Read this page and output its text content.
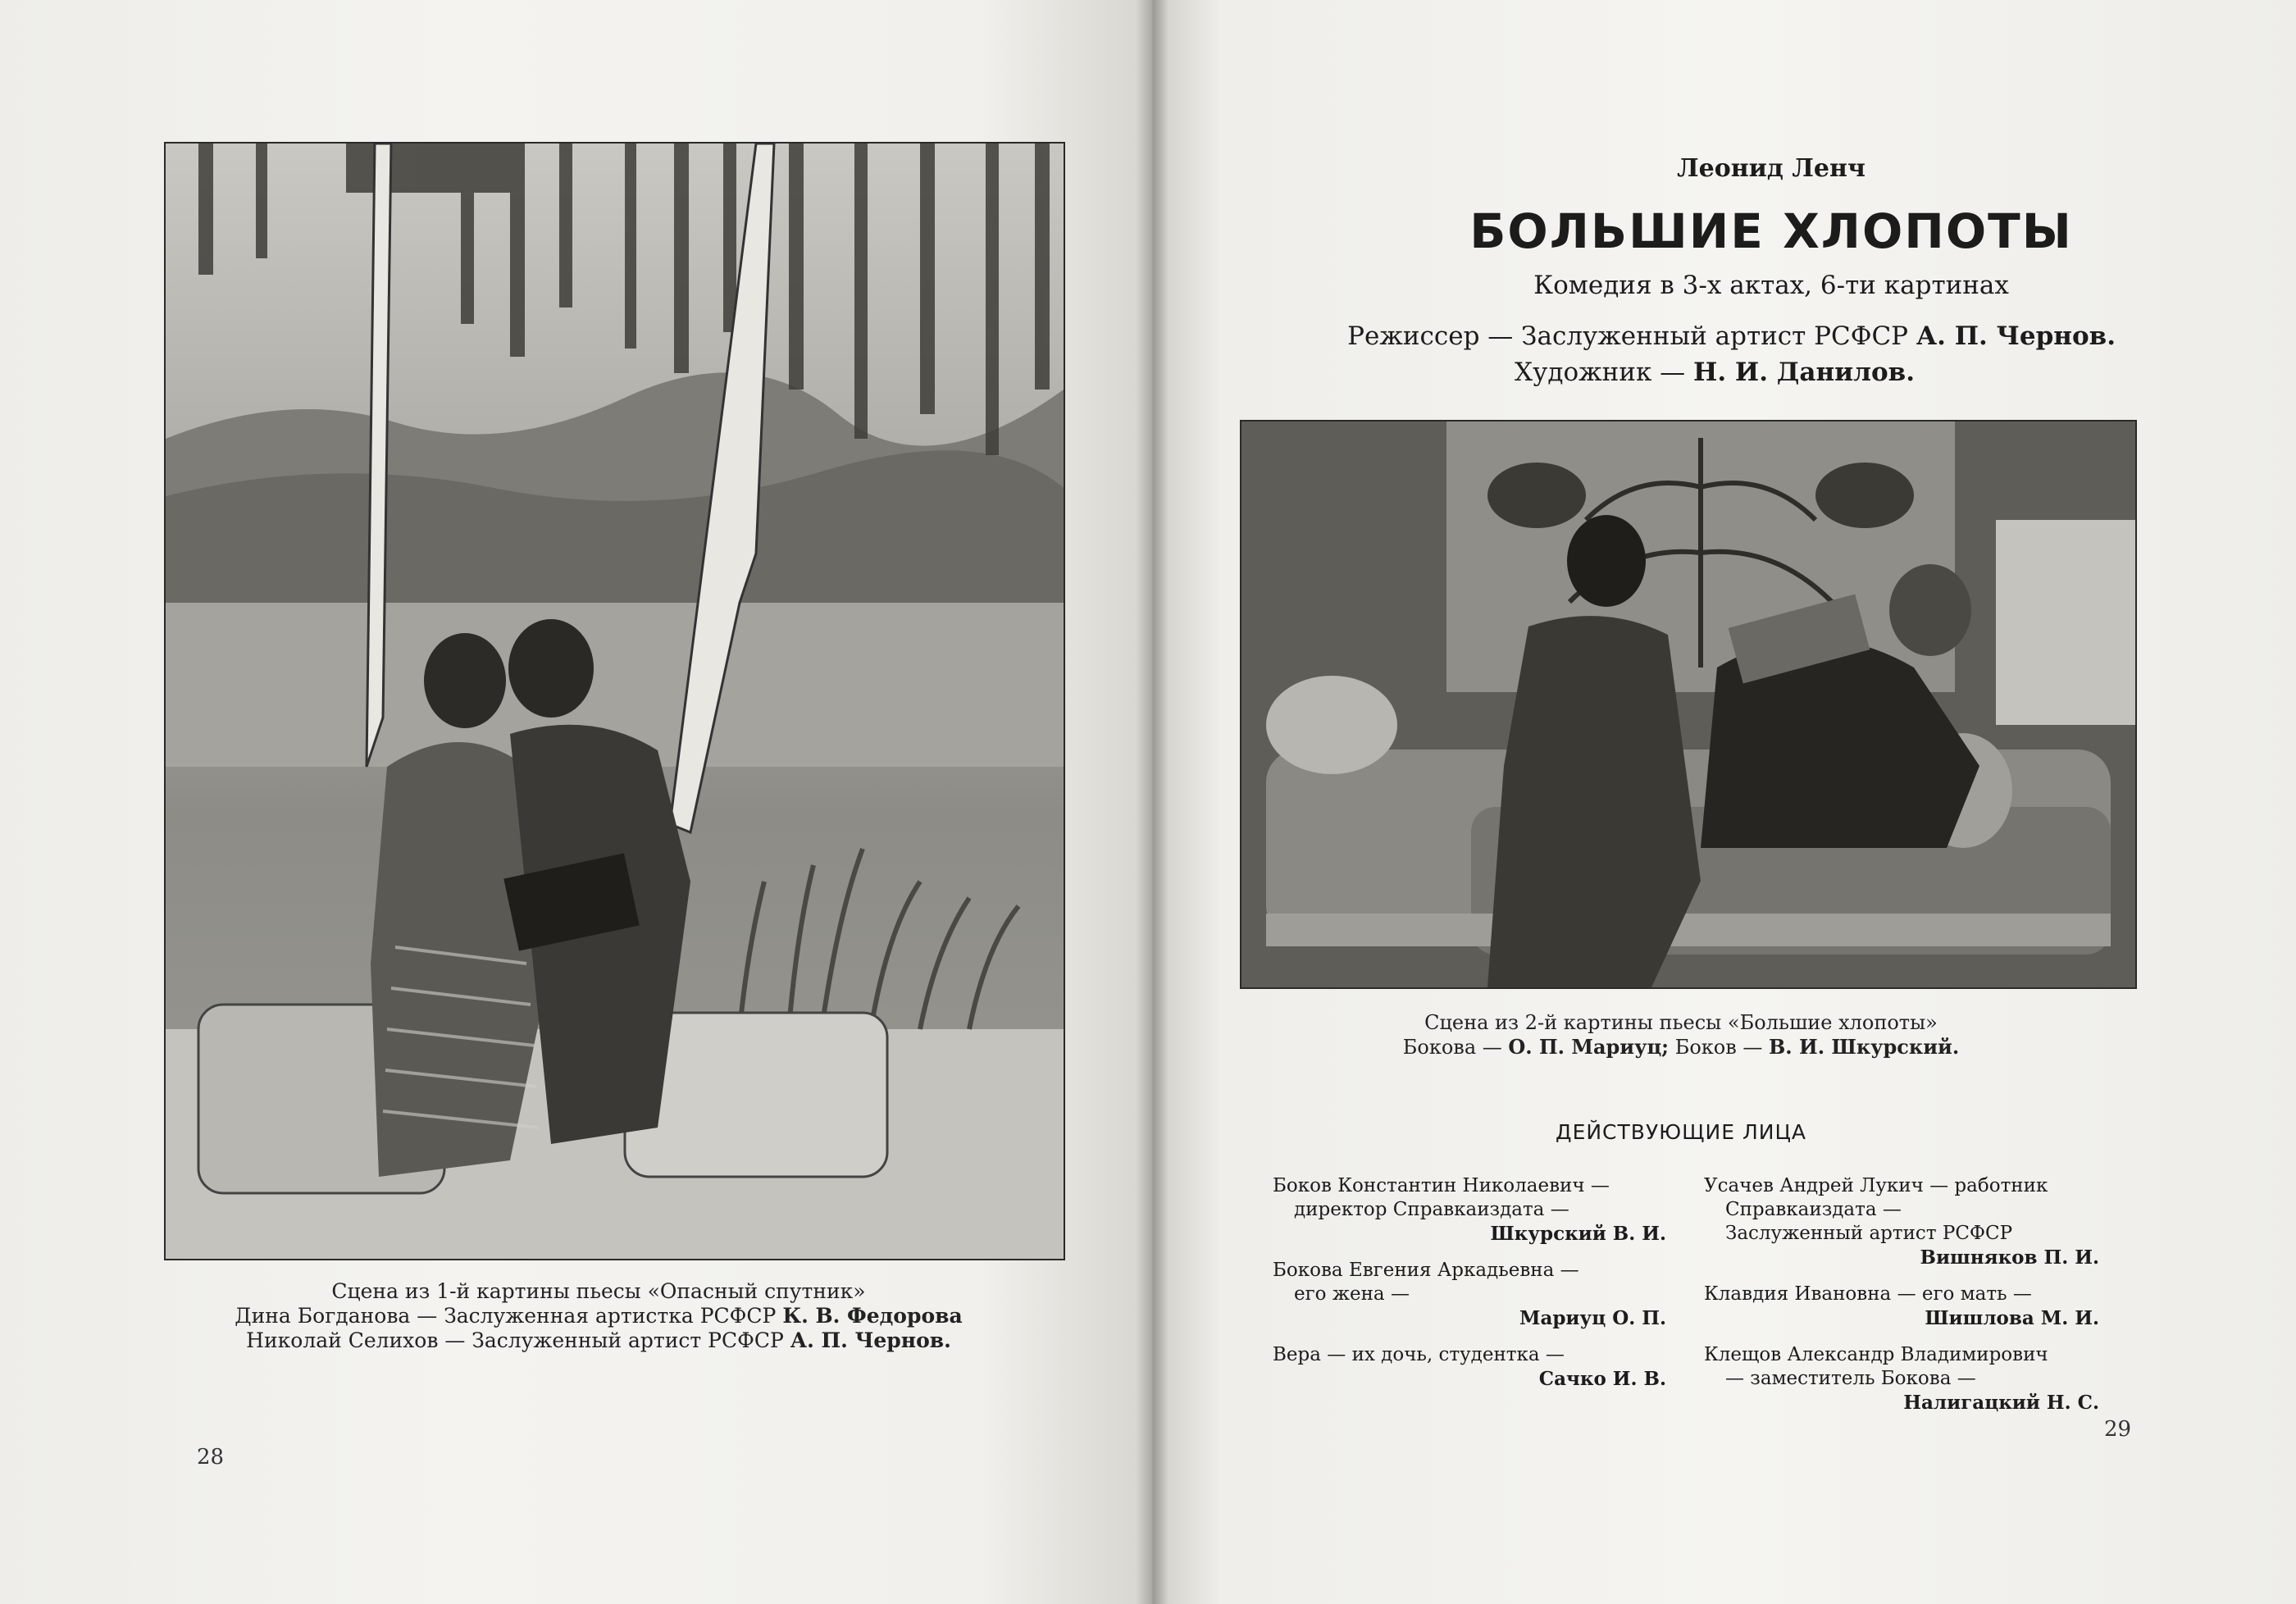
Сцена из 1-й картины пьесы «Опасный спутник»
Дина Богданова — Заслуженная артистка РСФСР К. В. Федорова
Николай Селихов — Заслуженный артист РСФСР А. П. Чернов.
28
Леонид Ленч
БОЛЬШИЕ ХЛОПОТЫ
Комедия в 3-х актах, 6-ти картинах
Режиссер — Заслуженный артист РСФСР А. П. Чернов.
Художник — Н. И. Данилов.
Сцена из 2-й картины пьесы «Большие хлопоты»
Бокова — О. П. Мариуц; Боков — В. И. Шкурский.
ДЕЙСТВУЮЩИЕ ЛИЦА
Боков Константин Николаевич —
директор Справкаиздата —
Шкурский В. И.
Бокова Евгения Аркадьевна —
его жена —
Мариуц О. П.
Вера — их дочь, студентка —
Сачко И. В.
Усачев Андрей Лукич — работник
Справкаиздата —
Заслуженный артист РСФСР
Вишняков П. И.
Клавдия Ивановна — его мать —
Шишлова М. И.
Клещов Александр Владимирович
— заместитель Бокова —
Налигацкий Н. С.
29
